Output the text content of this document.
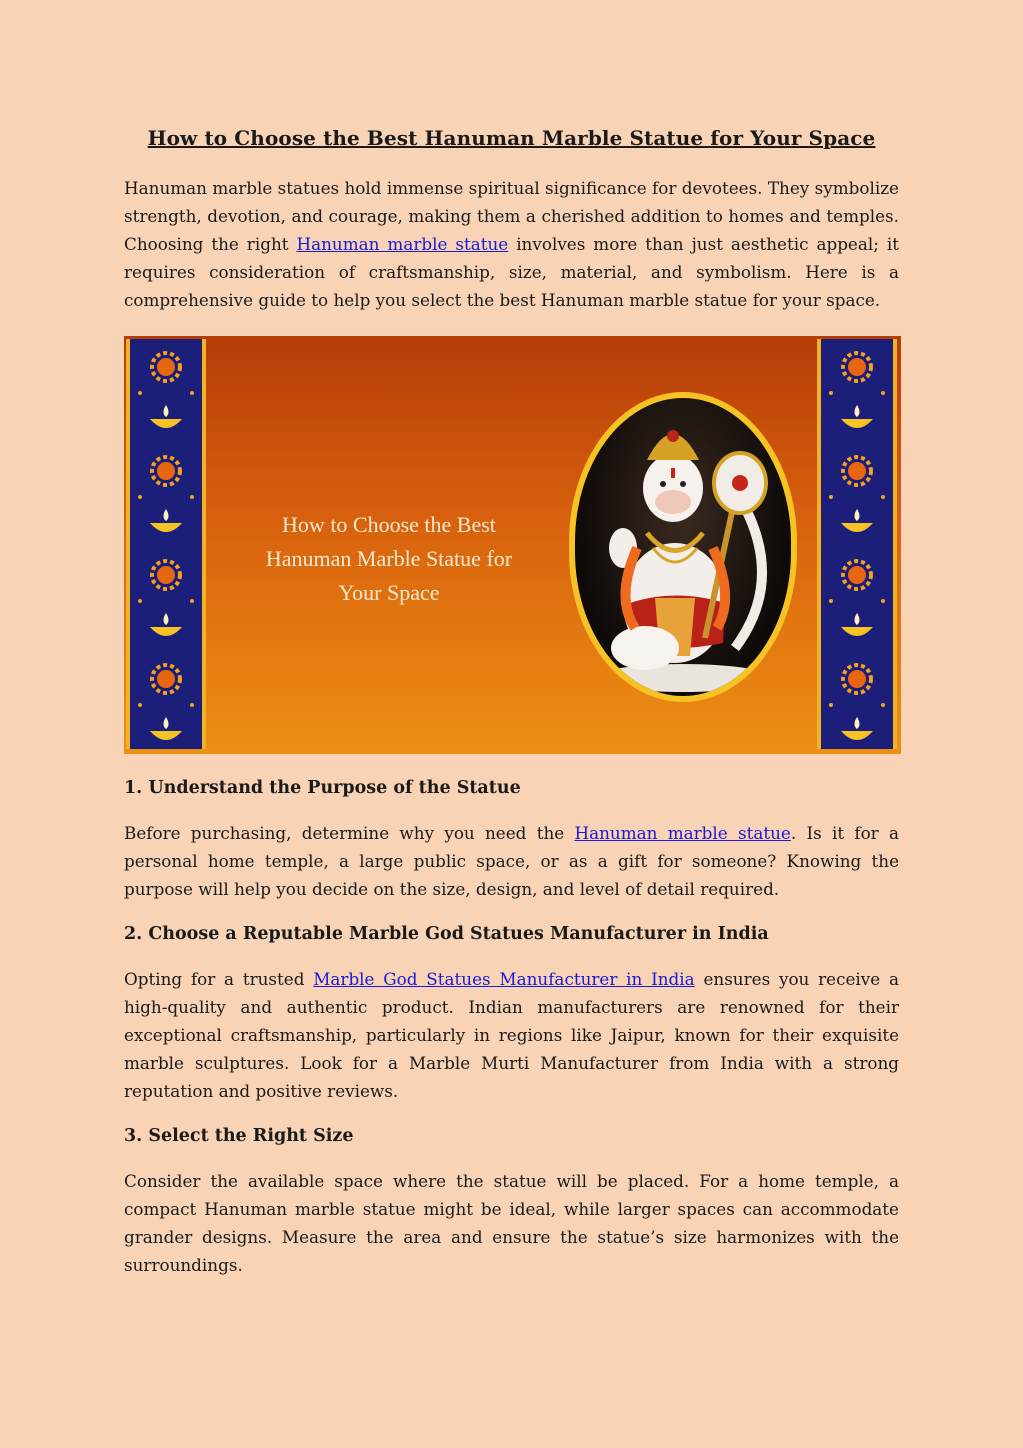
How to Choose the Best Hanuman Marble Statue for Your Space

Hanuman marble statues hold immense spiritual significance for devotees. They symbolize strength, devotion, and courage, making them a cherished addition to homes and temples. Choosing the right Hanuman marble statue involves more than just aesthetic appeal; it requires consideration of craftsmanship, size, material, and symbolism. Here is a comprehensive guide to help you select the best Hanuman marble statue for your space.

How to Choose the Best
Hanuman Marble Statue for
Your Space
1. Understand the Purpose of the Statue

Before purchasing, determine why you need the Hanuman marble statue. Is it for a personal home temple, a large public space, or as a gift for someone? Knowing the purpose will help you decide on the size, design, and level of detail required.

2. Choose a Reputable Marble God Statues Manufacturer in India

Opting for a trusted Marble God Statues Manufacturer in India ensures you receive a high-quality and authentic product. Indian manufacturers are renowned for their exceptional craftsmanship, particularly in regions like Jaipur, known for their exquisite marble sculptures. Look for a Marble Murti Manufacturer from India with a strong reputation and positive reviews.

3. Select the Right Size

Consider the available space where the statue will be placed. For a home temple, a compact Hanuman marble statue might be ideal, while larger spaces can accommodate grander designs. Measure the area and ensure the statue’s size harmonizes with the surroundings.
